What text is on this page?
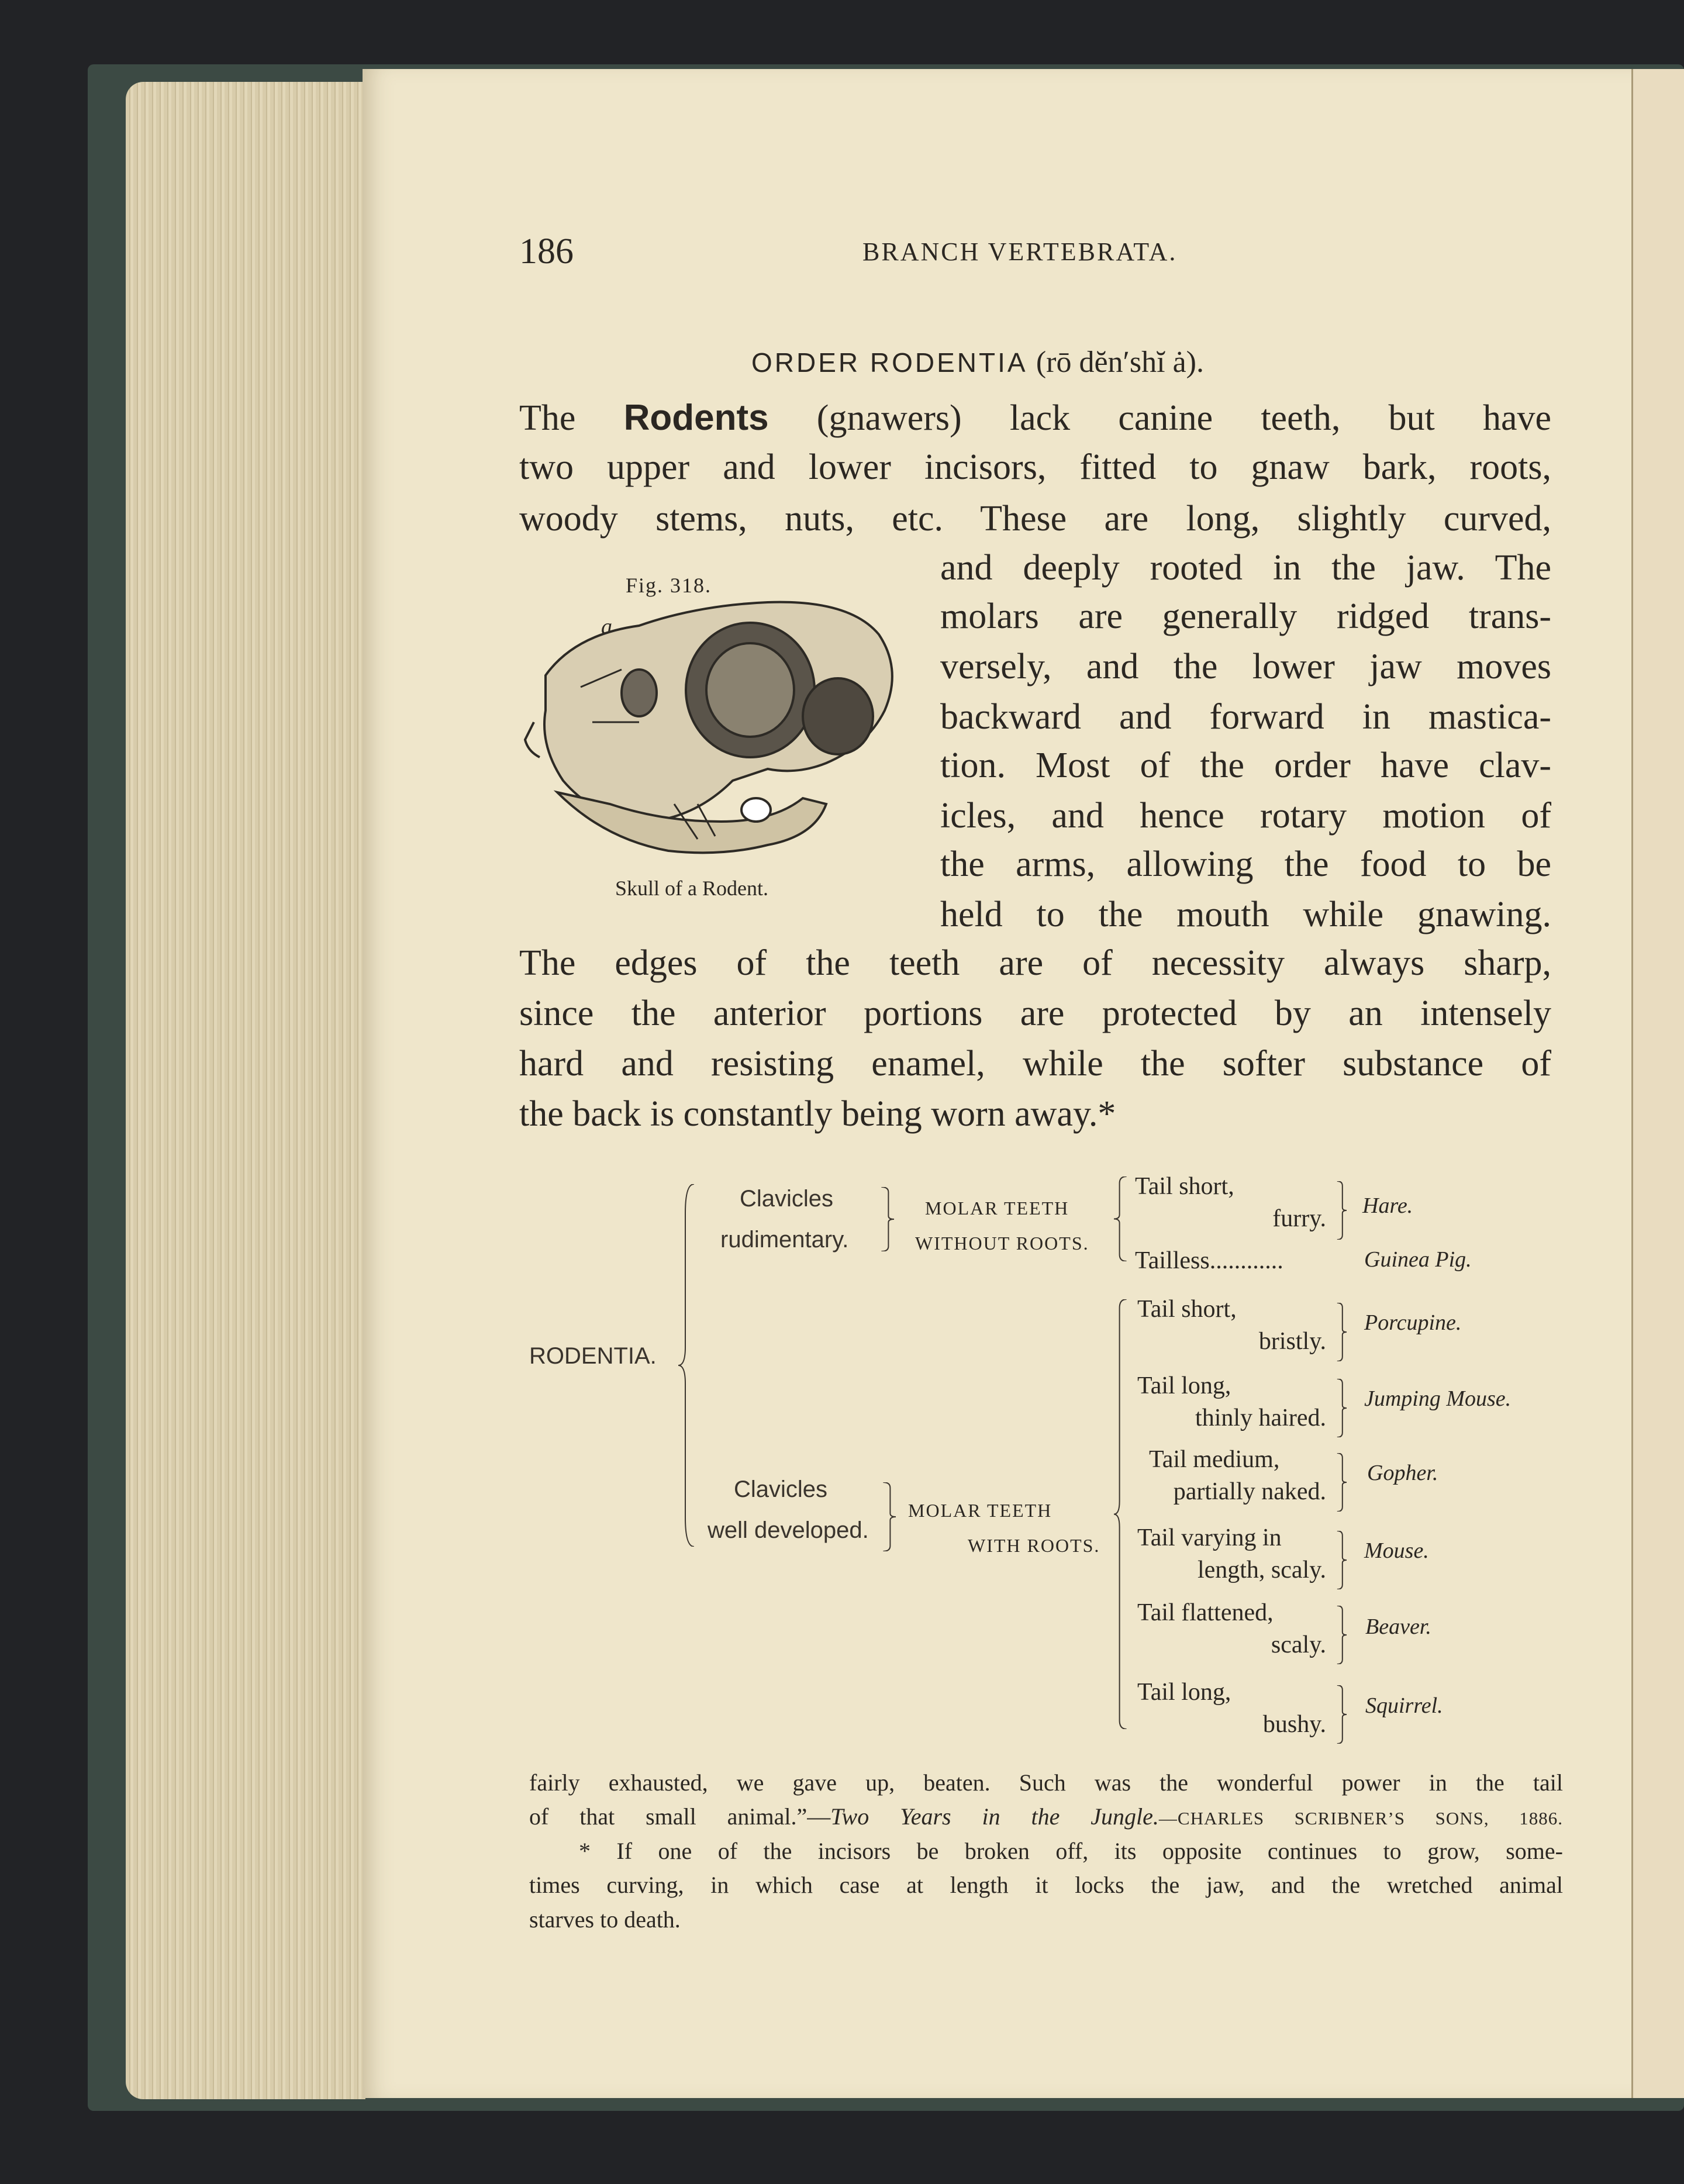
186	BRANCH VERTEBRATA.
ORDER RODENTIA (rō dĕn′shĭ ȧ).
The Rodents (gnawers) lack canine teeth, but have
two upper and lower incisors, fitted to gnaw bark, roots,
woody stems, nuts, etc. These are long, slightly curved,
and deeply rooted in the jaw. The
molars are generally ridged trans-
versely, and the lower jaw moves
backward and forward in mastica-
tion. Most of the order have clav-
icles, and hence rotary motion of
the arms, allowing the food to be
held to the mouth while gnawing.
The edges of the teeth are of necessity always sharp,
since the anterior portions are protected by an intensely
hard and resisting enamel, while the softer substance of
the back is constantly being worn away.*
Fig. 318.
a
Skull of a Rodent.
RODENTIA.
Clavicles
rudimentary.
MOLAR TEETH
WITHOUT ROOTS.
Tail short,
furry. Hare.
Tailless............	Guinea Pig.
Clavicles
well developed.
MOLAR TEETH
WITH ROOTS.
Tail short,
bristly.
Porcupine.
Tail long,
thinly haired.
Jumping Mouse.
Tail medium,
partially naked.
Gopher.
Tail varying in
length, scaly.
Mouse.
Tail flattened,
scaly.
Beaver.
Tail long,
bushy.
Squirrel.
fairly exhausted, we gave up, beaten. Such was the wonderful power in the tail
of that small animal.”—Two Years in the Jungle.—CHARLES SCRIBNER’S SONS, 1886.
* If one of the incisors be broken off, its opposite continues to grow, some-
times curving, in which case at length it locks the jaw, and the wretched animal
starves to death.
